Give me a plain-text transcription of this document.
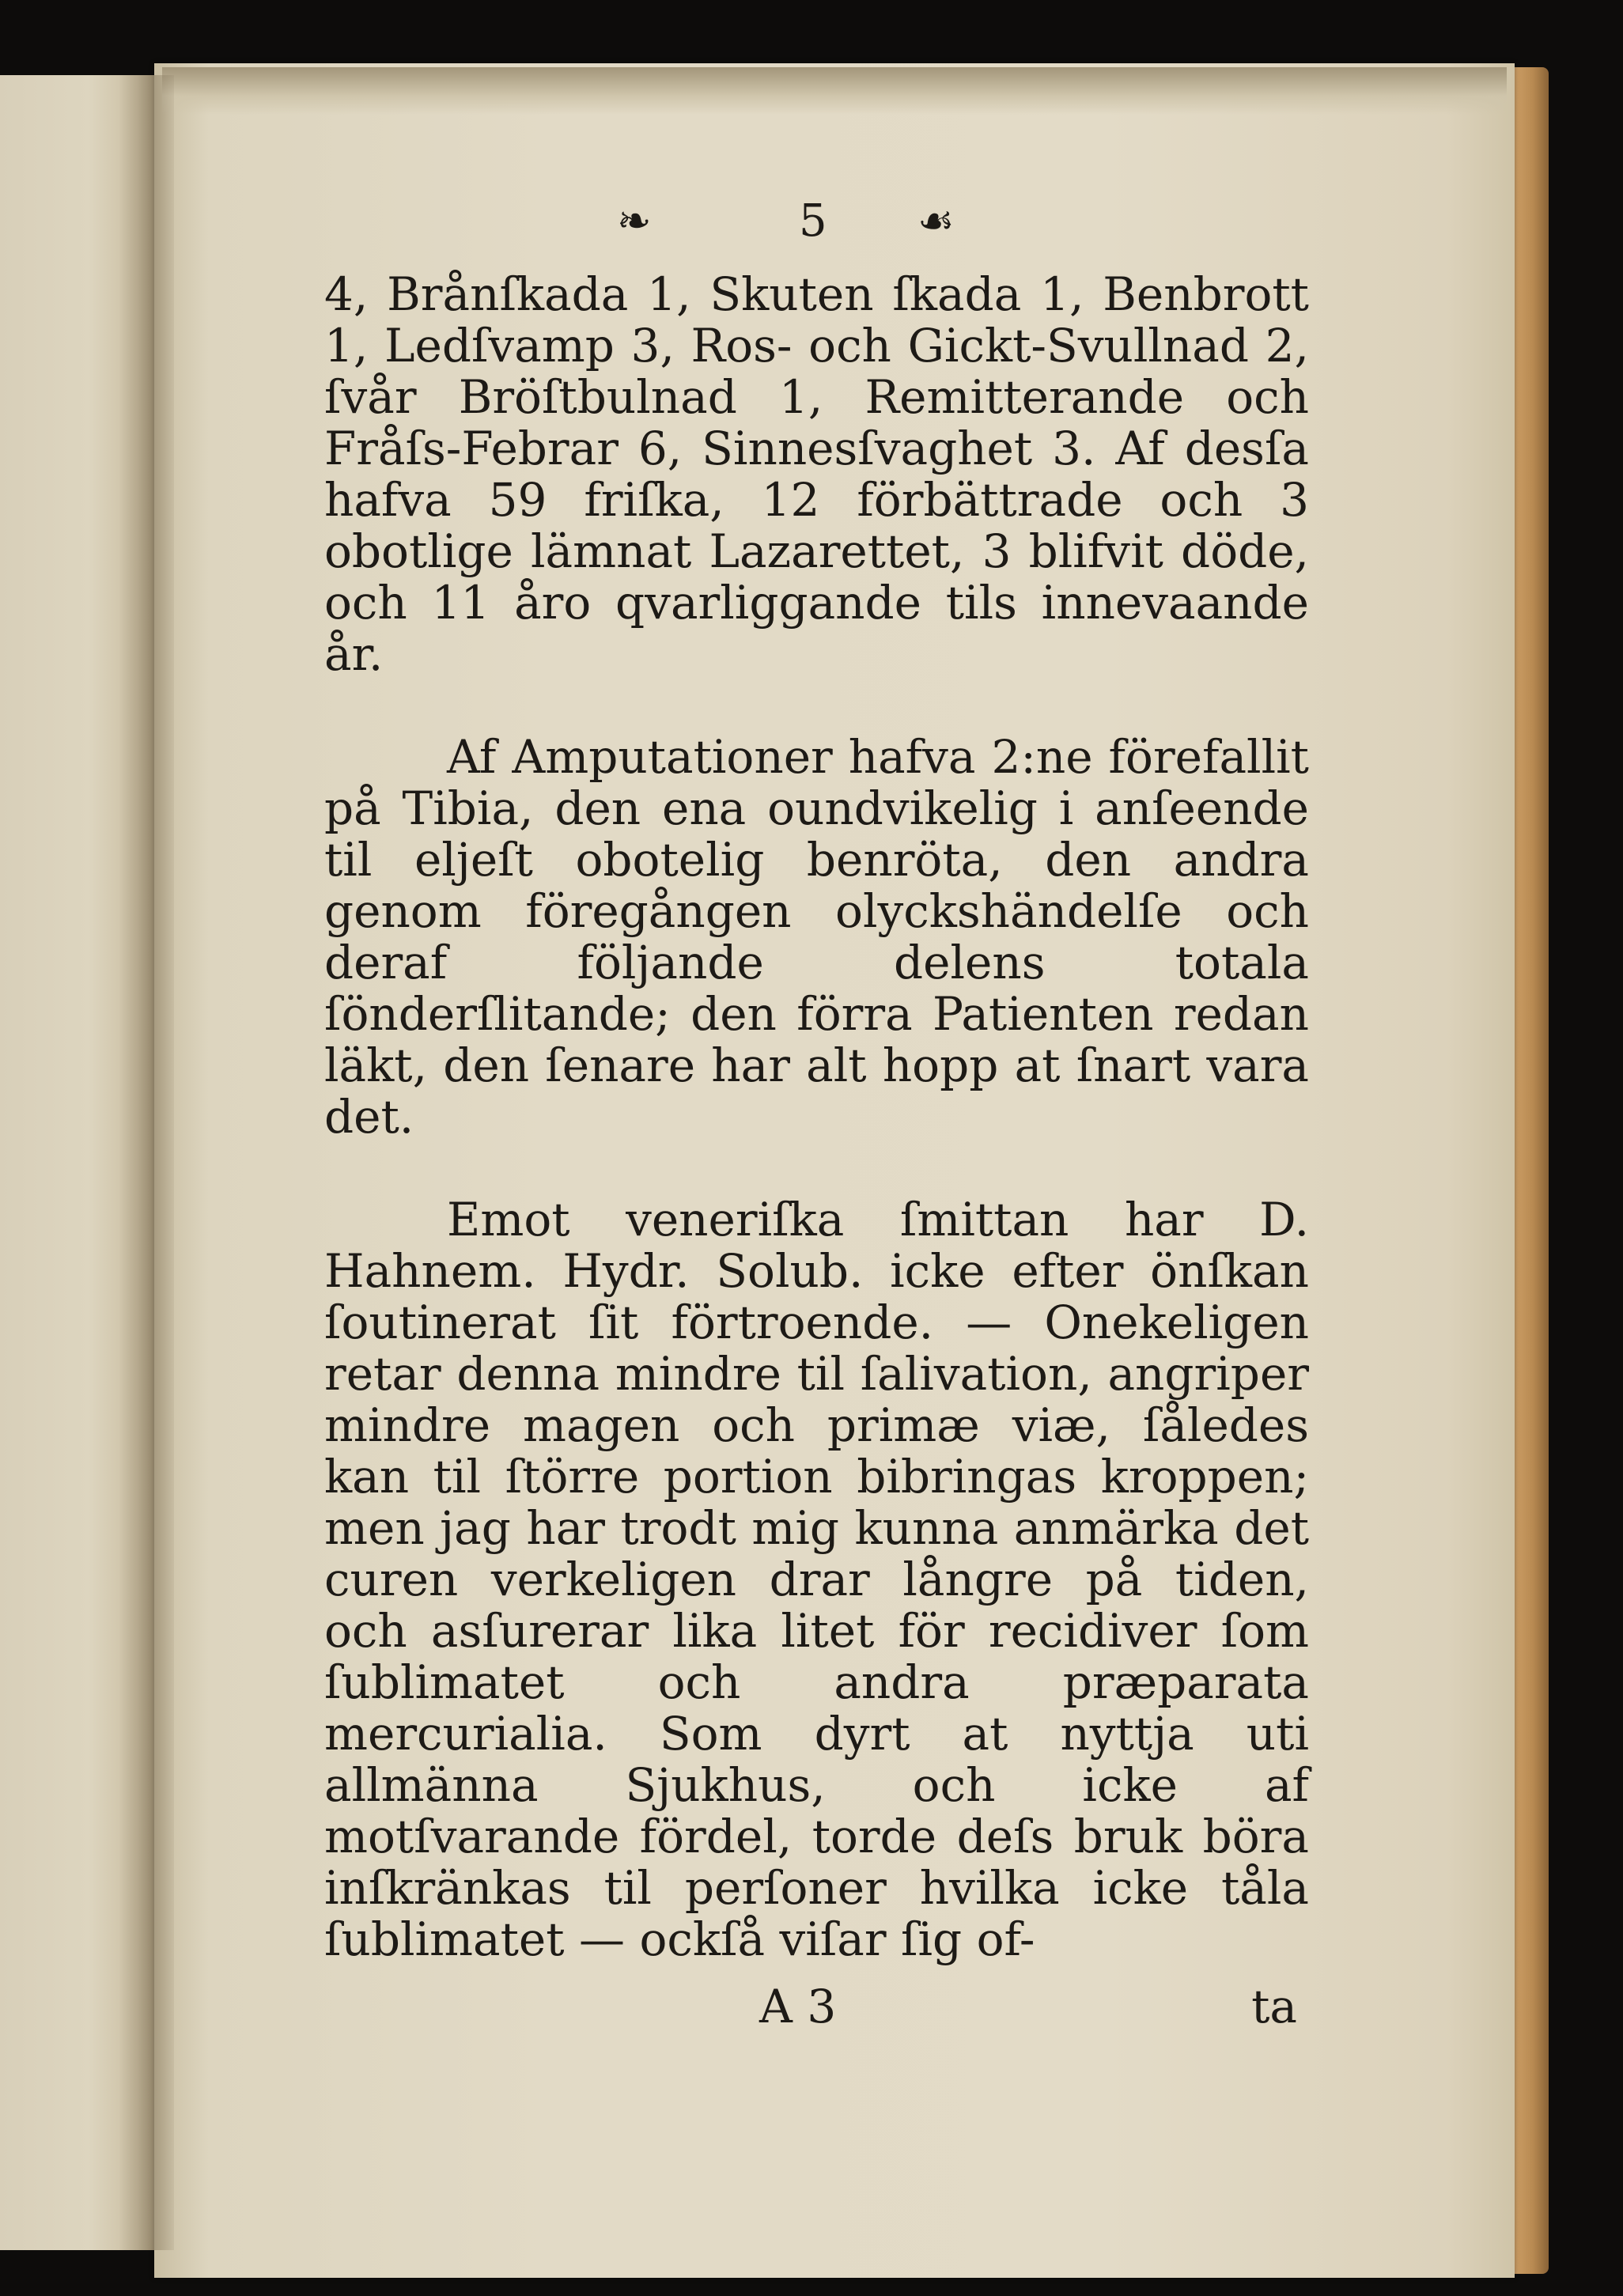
❧	5 ☙

4, Brånſkada 1, Skuten ſkada 1, Benbrott 1, Ledſvamp 3, Ros- och Gickt-Svullnad 2, ſvår Bröſtbulnad 1, Remitterande och Fråſs-Febrar 6, Sinnesſvaghet 3. Af desſa hafva 59 friſka, 12 förbättrade och 3 obotlige lämnat Lazarettet, 3 blifvit döde, och 11 åro qvarliggande tils innevaande år.

Af Amputationer hafva 2:ne förefallit på Tibia, den ena oundvikelig i anſeende til eljeſt obotelig benröta, den andra genom föregången olyckshändelſe och deraf följande delens totala ſönderſlitande; den förra Patienten redan läkt, den ſenare har alt hopp at ſnart vara det.

Emot veneriſka ſmittan har D. Hahnem. Hydr. Solub. icke efter önſkan ſoutinerat ſit förtroende. — Onekeligen retar denna mindre til ſalivation, angriper mindre magen och primæ viæ, ſåledes kan til ſtörre portion bibringas kroppen; men jag har trodt mig kunna anmärka det curen verkeligen drar långre på tiden, och asſurerar lika litet för recidiver ſom ſublimatet och andra præparata mercurialia. Som dyrt at nyttja uti allmänna Sjukhus, och icke af motſvarande fördel, torde deſs bruk böra inſkränkas til perſoner hvilka icke tåla ſublimatet — ockſå viſar ſig of-

A 3	ta
